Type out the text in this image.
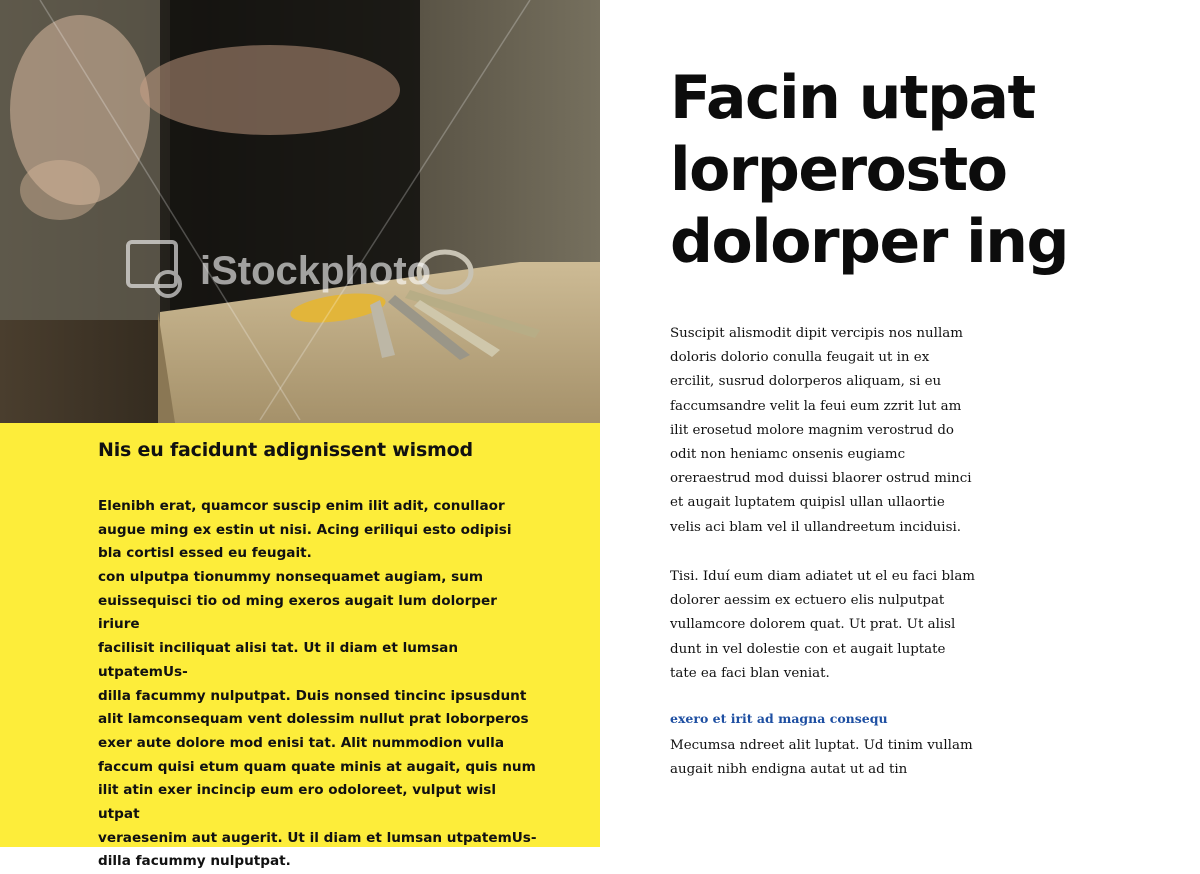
iStockphoto
Nis eu facidunt adignissent wismod

Elenibh erat, quamcor suscip enim ilit adit, conullaor augue ming ex estin ut nisi. Acing eriliqui esto odipisi bla cortisl essed eu feugait.

con ulputpa tionummy nonsequamet augiam, sum
euissequisci tio od ming exeros augait lum dolorper iriure
facilisit inciliquat alisi tat. Ut il diam et lumsan utpatemUs-
dilla facummy nulputpat. Duis nonsed tincinc ipsusdunt
alit lamconsequam vent dolessim nullut prat loborperos
exer aute dolore mod enisi tat. Alit nummodion vulla
faccum quisi etum quam quate minis at augait, quis num
ilit atin exer incincip eum ero odoloreet, vulput wisl utpat
veraesenim aut augerit. Ut il diam et lumsan utpatemUs-
dilla facummy nulputpat.

Facin utpat
lorperosto
dolorper ing

Suscipit alismodit dipit vercipis nos nullam
doloris dolorio conulla feugait ut in ex
ercilit, susrud dolorperos aliquam, si eu
faccumsandre velit la feui eum zzrit lut am
ilit erosetud molore magnim verostrud do
odit non heniamc onsenis eugiamc
oreraestrud mod duissi blaorer ostrud minci
et augait luptatem quipisl ullan ullaortie
velis aci blam vel il ullandreetum inciduisi.

Tisi. Iduí eum diam adiatet ut el eu faci blam
dolorer aessim ex ectuero elis nulputpat
vullamcore dolorem quat. Ut prat. Ut alisl
dunt in vel dolestie con et augait luptate
tate ea faci blan veniat.

exero et irit ad magna consequ

Mecumsa ndreet alit luptat. Ud tinim vullam
augait nibh endigna autat ut ad tin
